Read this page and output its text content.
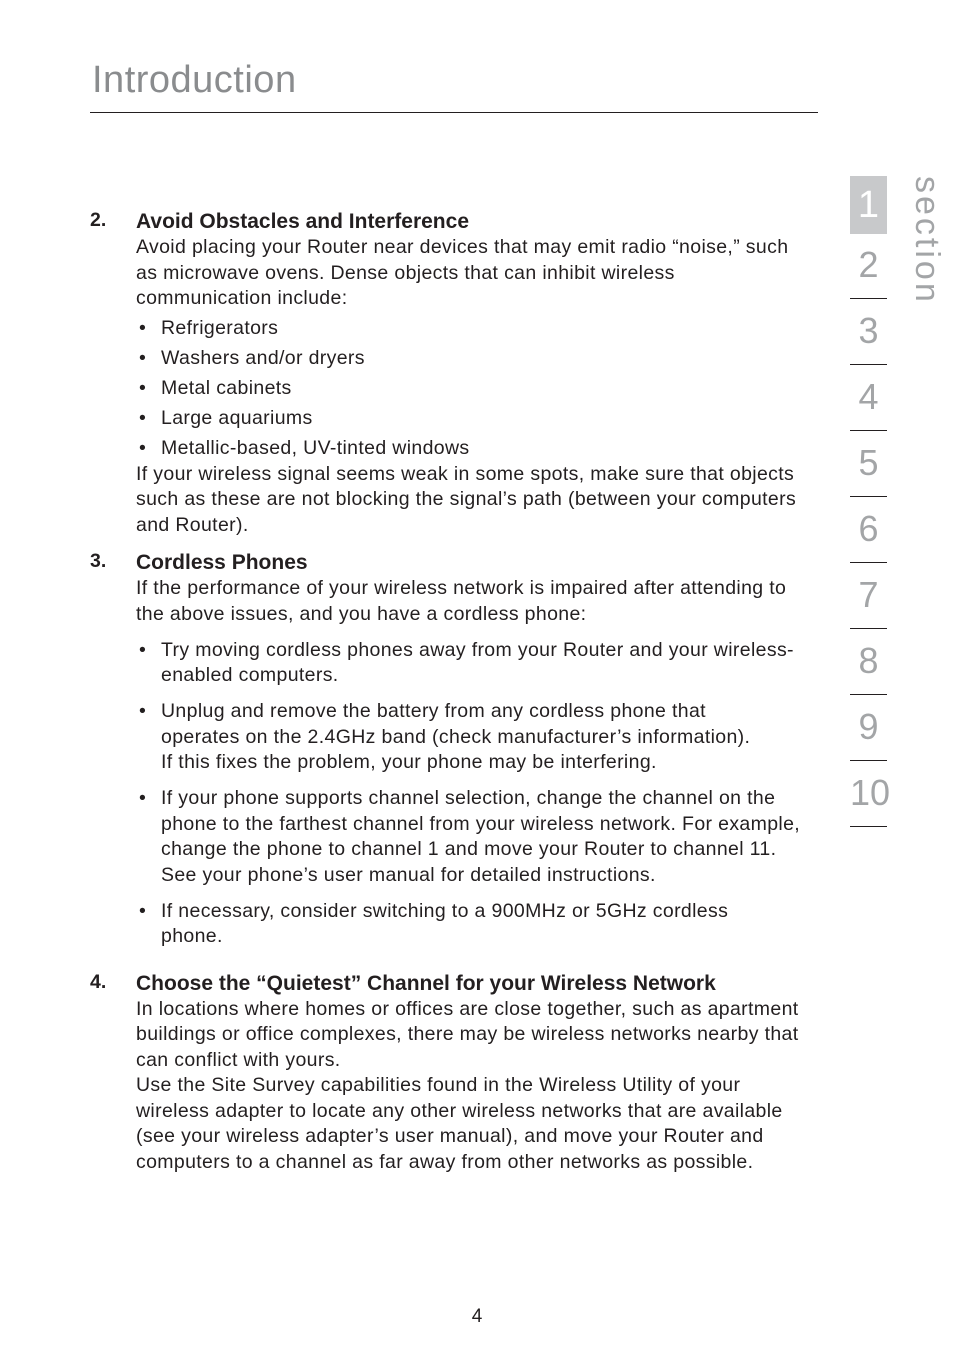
Introduction
2. Avoid Obstacles and Interference

Avoid placing your Router near devices that may emit radio “noise,” such as microwave ovens. Dense objects that can inhibit wireless communication include:

• Refrigerators
• Washers and/or dryers
• Metal cabinets
• Large aquariums
• Metallic-based, UV-tinted windows

If your wireless signal seems weak in some spots, make sure that objects such as these are not blocking the signal’s path (between your computers and Router).

3. Cordless Phones

If the performance of your wireless network is impaired after attending to the above issues, and you have a cordless phone:

• Try moving cordless phones away from your Router and your wireless-enabled computers.
• Unplug and remove the battery from any cordless phone that operates on the 2.4GHz band (check manufacturer’s information). If this fixes the problem, your phone may be interfering.
• If your phone supports channel selection, change the channel on the phone to the farthest channel from your wireless network. For example, change the phone to channel 1 and move your Router to channel 11. See your phone’s user manual for detailed instructions.
• If necessary, consider switching to a 900MHz or 5GHz cordless phone.
4. Choose the “Quietest” Channel for your Wireless Network

In locations where homes or offices are close together, such as apartment buildings or office complexes, there may be wireless networks nearby that can conflict with yours.

Use the Site Survey capabilities found in the Wireless Utility of your wireless adapter to locate any other wireless networks that are available (see your wireless adapter’s user manual), and move your Router and computers to a channel as far away from other networks as possible.

1
2
3
4
5
6
7
8
9
10
section
4
